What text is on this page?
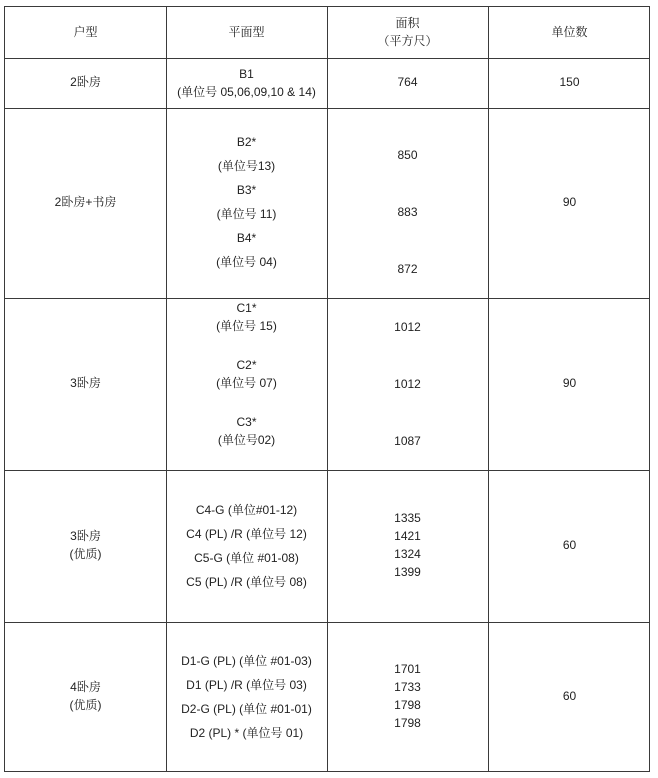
户型	平面型
面积
（平方尺）
单位数
2卧房
B1
(单位号 05,06,09,10 & 14)
764	150
2卧房+书房
B2*
(单位号13)
B3*
(单位号 11)
B4*
(单位号 04)
850
883
872
90
3卧房
C1*
(单位号 15)
C2*
(单位号 07)
C3*
(单位号02)
1012
1012
1087
90
3卧房
(优质)
C4-G (单位#01-12)
C4 (PL) /R (单位号 12)
C5-G (单位 #01-08)
C5 (PL) /R (单位号 08)
1335
1421
1324
1399
60
4卧房
(优质)
D1-G (PL) (单位 #01-03)
D1 (PL) /R (单位号 03)
D2-G (PL) (单位 #01-01)
D2 (PL) * (单位号 01)
1701
1733
1798
1798
60
